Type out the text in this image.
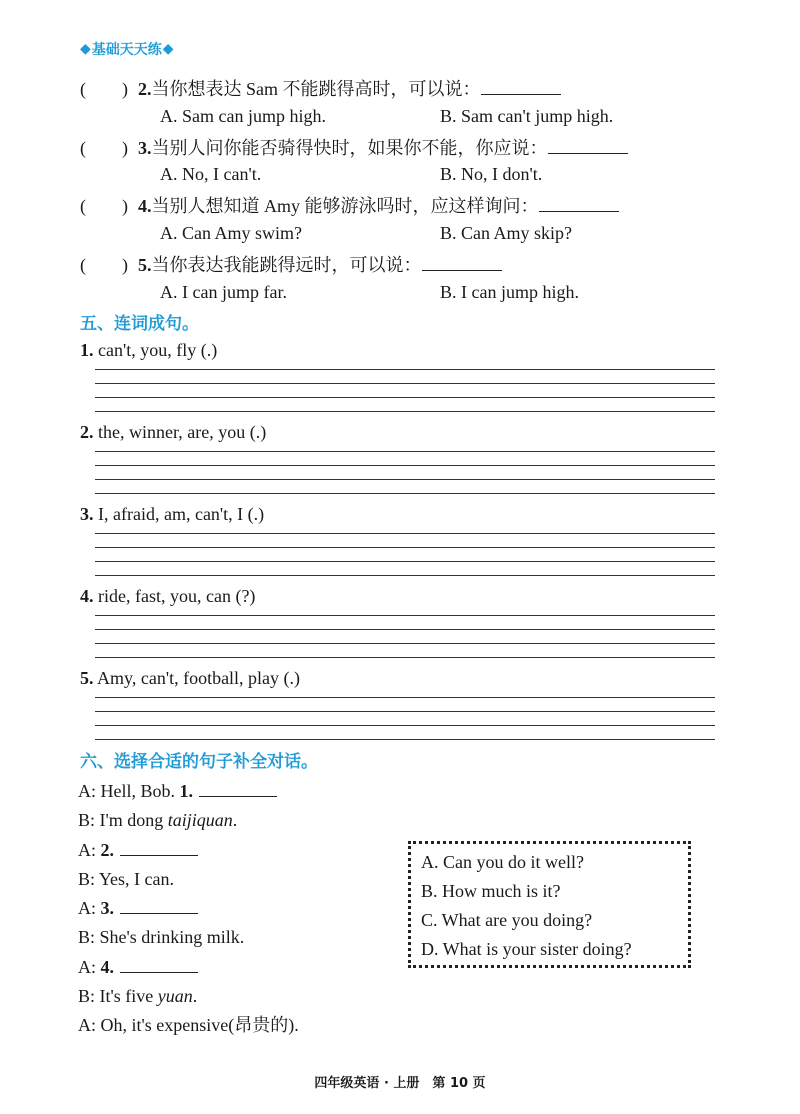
◆ 基础天天练 ◆
(　　) 2.当你想表达 Sam 不能跳得高时，可以说：
A. Sam can jump high.	B. Sam can't jump high.
(　　) 3.当别人问你能否骑得快时，如果你不能，你应说：
A. No, I can't.	B. No, I don't.
(　　) 4.当别人想知道 Amy 能够游泳吗时，应这样询问：
A. Can Amy swim?	B. Can Amy skip?
(　　) 5.当你表达我能跳得远时，可以说：
A. I can jump far.	B. I can jump high.
五、连词成句。
1. can't, you, fly (.)
2. the, winner, are, you (.)
3. I, afraid, am, can't, I (.)
4. ride, fast, you, can (?)
5. Amy, can't, football, play (.)
六、选择合适的句子补全对话。
A: Hell, Bob. 1.
B: I'm dong taijiquan.
A: 2.
B: Yes, I can.
A: 3.
B: She's drinking milk.
A: 4.
B: It's five yuan.
A: Oh, it's expensive(昂贵的).
A. Can you do it well?
B. How much is it?
C. What are you doing?
D. What is your sister doing?
四年级英语 · 上册　第 10 页
